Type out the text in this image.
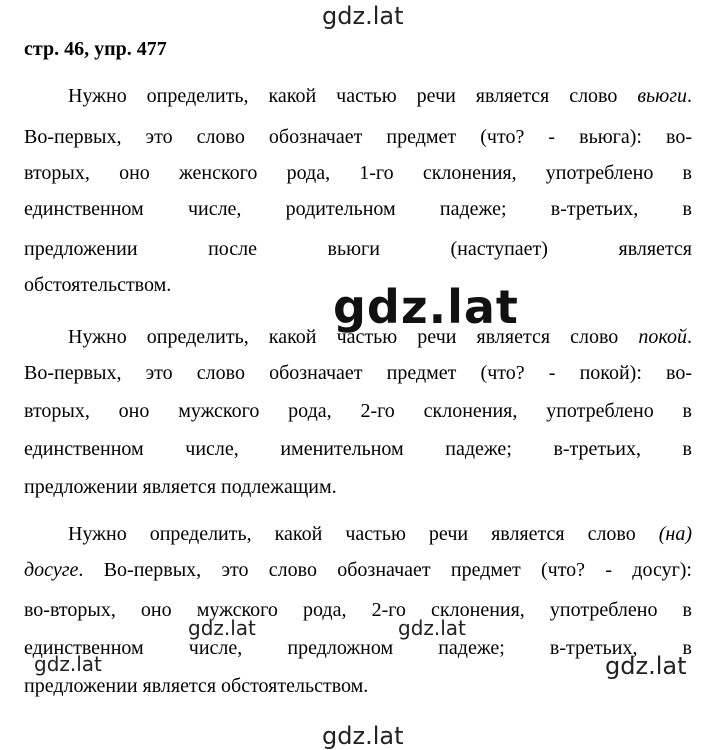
gdz.lat
стр. 46, упр. 477
Нужно определить, какой частью речи является слово вьюги.
Во-первых, это слово обозначает предмет (что? - вьюга): во-
вторых, оно женского рода, 1-го склонения, употреблено в
единственном числе, родительном падеже; в-третьих, в
предложении после вьюги (наступает) является
обстоятельством.	gdz.lat
Нужно определить, какой частью речи является слово покой.
Во-первых, это слово обозначает предмет (что? - покой): во-
вторых, оно мужского рода, 2-го склонения, употреблено в
единственном числе, именительном падеже; в-третьих, в
предложении является подлежащим.
Нужно определить, какой частью речи является слово (на)
досуге. Во-первых, это слово обозначает предмет (что? - досуг):
во-вторых, оно мужского рода, 2-го склонения, употреблено в
единственном числе, предложном падеже; в-третьих, в
предложении является обстоятельством.
gdz.lat	gdz.lat
gdz.lat	gdz.lat
gdz.lat
